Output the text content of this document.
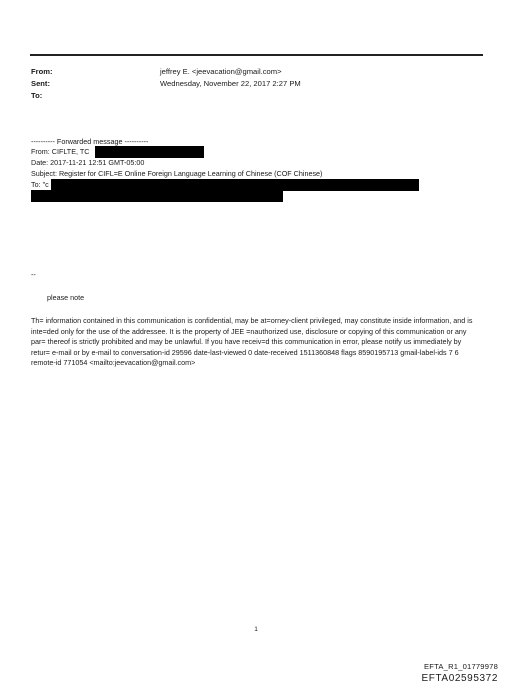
From:	jeffrey E. <jeevacation@gmail.com>
Sent:	Wednesday, November 22, 2017 2:27 PM
To:
---------- Forwarded message ----------
From: CIFLTE, TC
Date: 2017-11-21 12:51 GMT-05:00
Subject: Register for CIFL=E Online Foreign Language Learning of Chinese (COF Chinese)
To: "c
--
please note
Th= information contained in this communication is confidential, may be at=orney-client privileged, may constitute inside information, and is inte=ded only for the use of the addressee. It is the property of JEE =nauthorized use, disclosure or copying of this communication or any par= thereof is strictly prohibited and may be unlawful. If you have receiv=d this communication in error, please notify us immediately by retur= e-mail or by e-mail to conversation-id 29596 date-last-viewed 0 date-received 1511360848 flags 8590195713 gmail-label-ids 7 6 remote-id 771054 <mailto:jeevacation@gmail.com>
1
EFTA_R1_01779978
EFTA02595372
